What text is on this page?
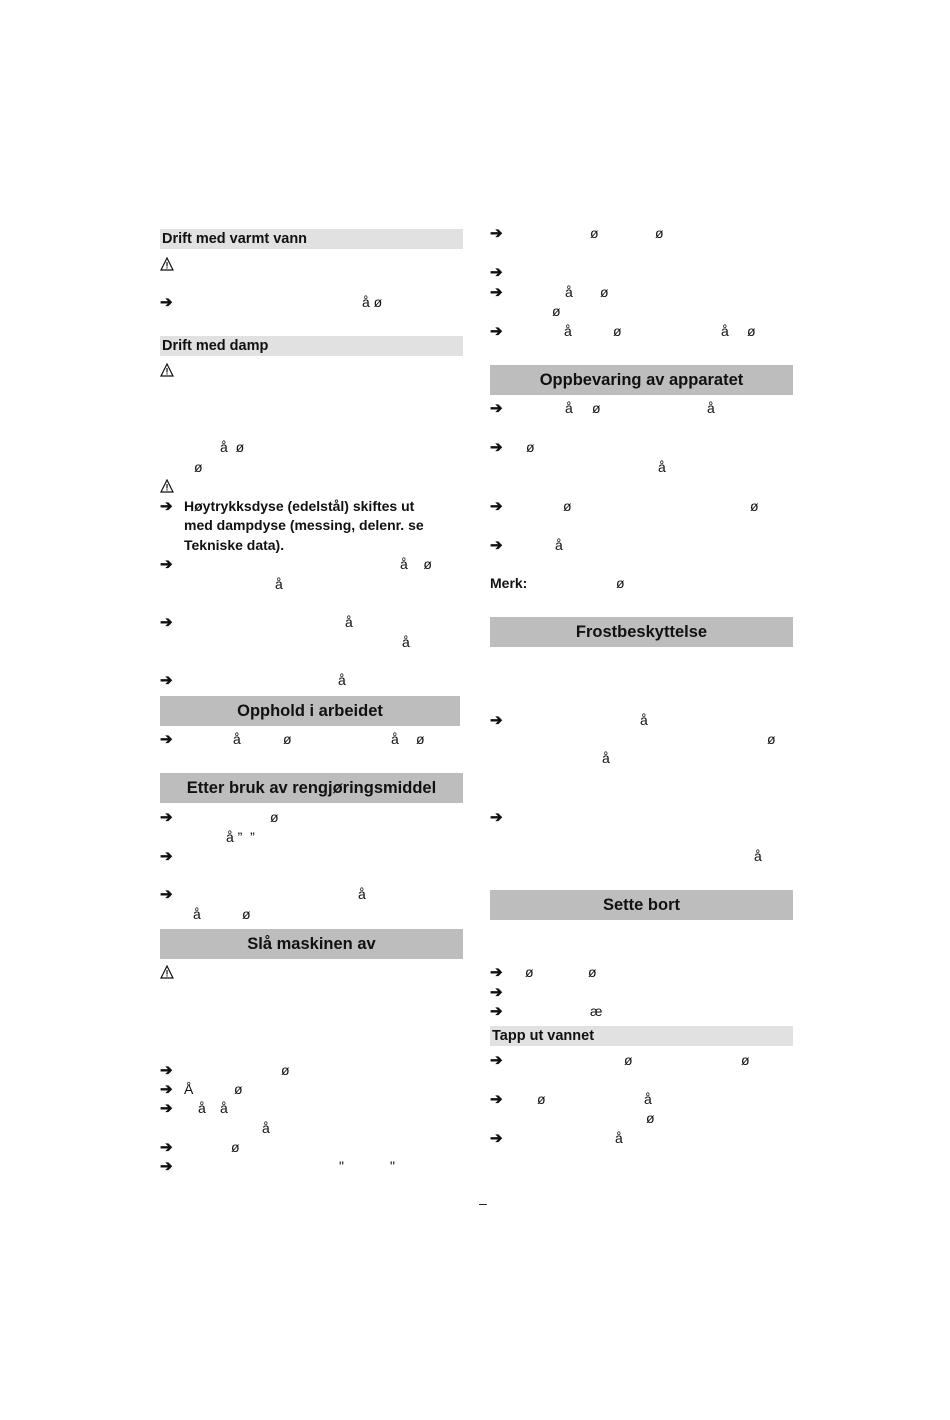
Drift med varmt vann
➔	å ø
Drift med damp
å  ø
ø
➔ Høytrykksdyse (edelstål) skiftes ut
med dampdyse (messing, delenr. se
Tekniske data).
➔	å    ø
å
➔	å
å
➔	å
Opphold i arbeidet
➔	å	ø	å ø
Etter bruk av rengjøringsmiddel
➔	ø
å ”  ”
➔
➔	å
å	ø
Slå maskinen av
➔	ø
➔ Å	ø
➔ å å
å
➔	ø
➔	"	"
➔	ø	ø
➔
➔	å ø
ø
➔	å	ø	å ø
Oppbevaring av apparatet
➔	å ø	å
➔ ø
å
➔	ø	ø
➔	å
Merk:	ø
Frostbeskyttelse
➔	å
ø
å
➔
å
Sette bort
➔ ø	ø
➔
➔	æ
Tapp ut vannet
➔	ø	ø
➔ ø	å
ø
➔	å
–
